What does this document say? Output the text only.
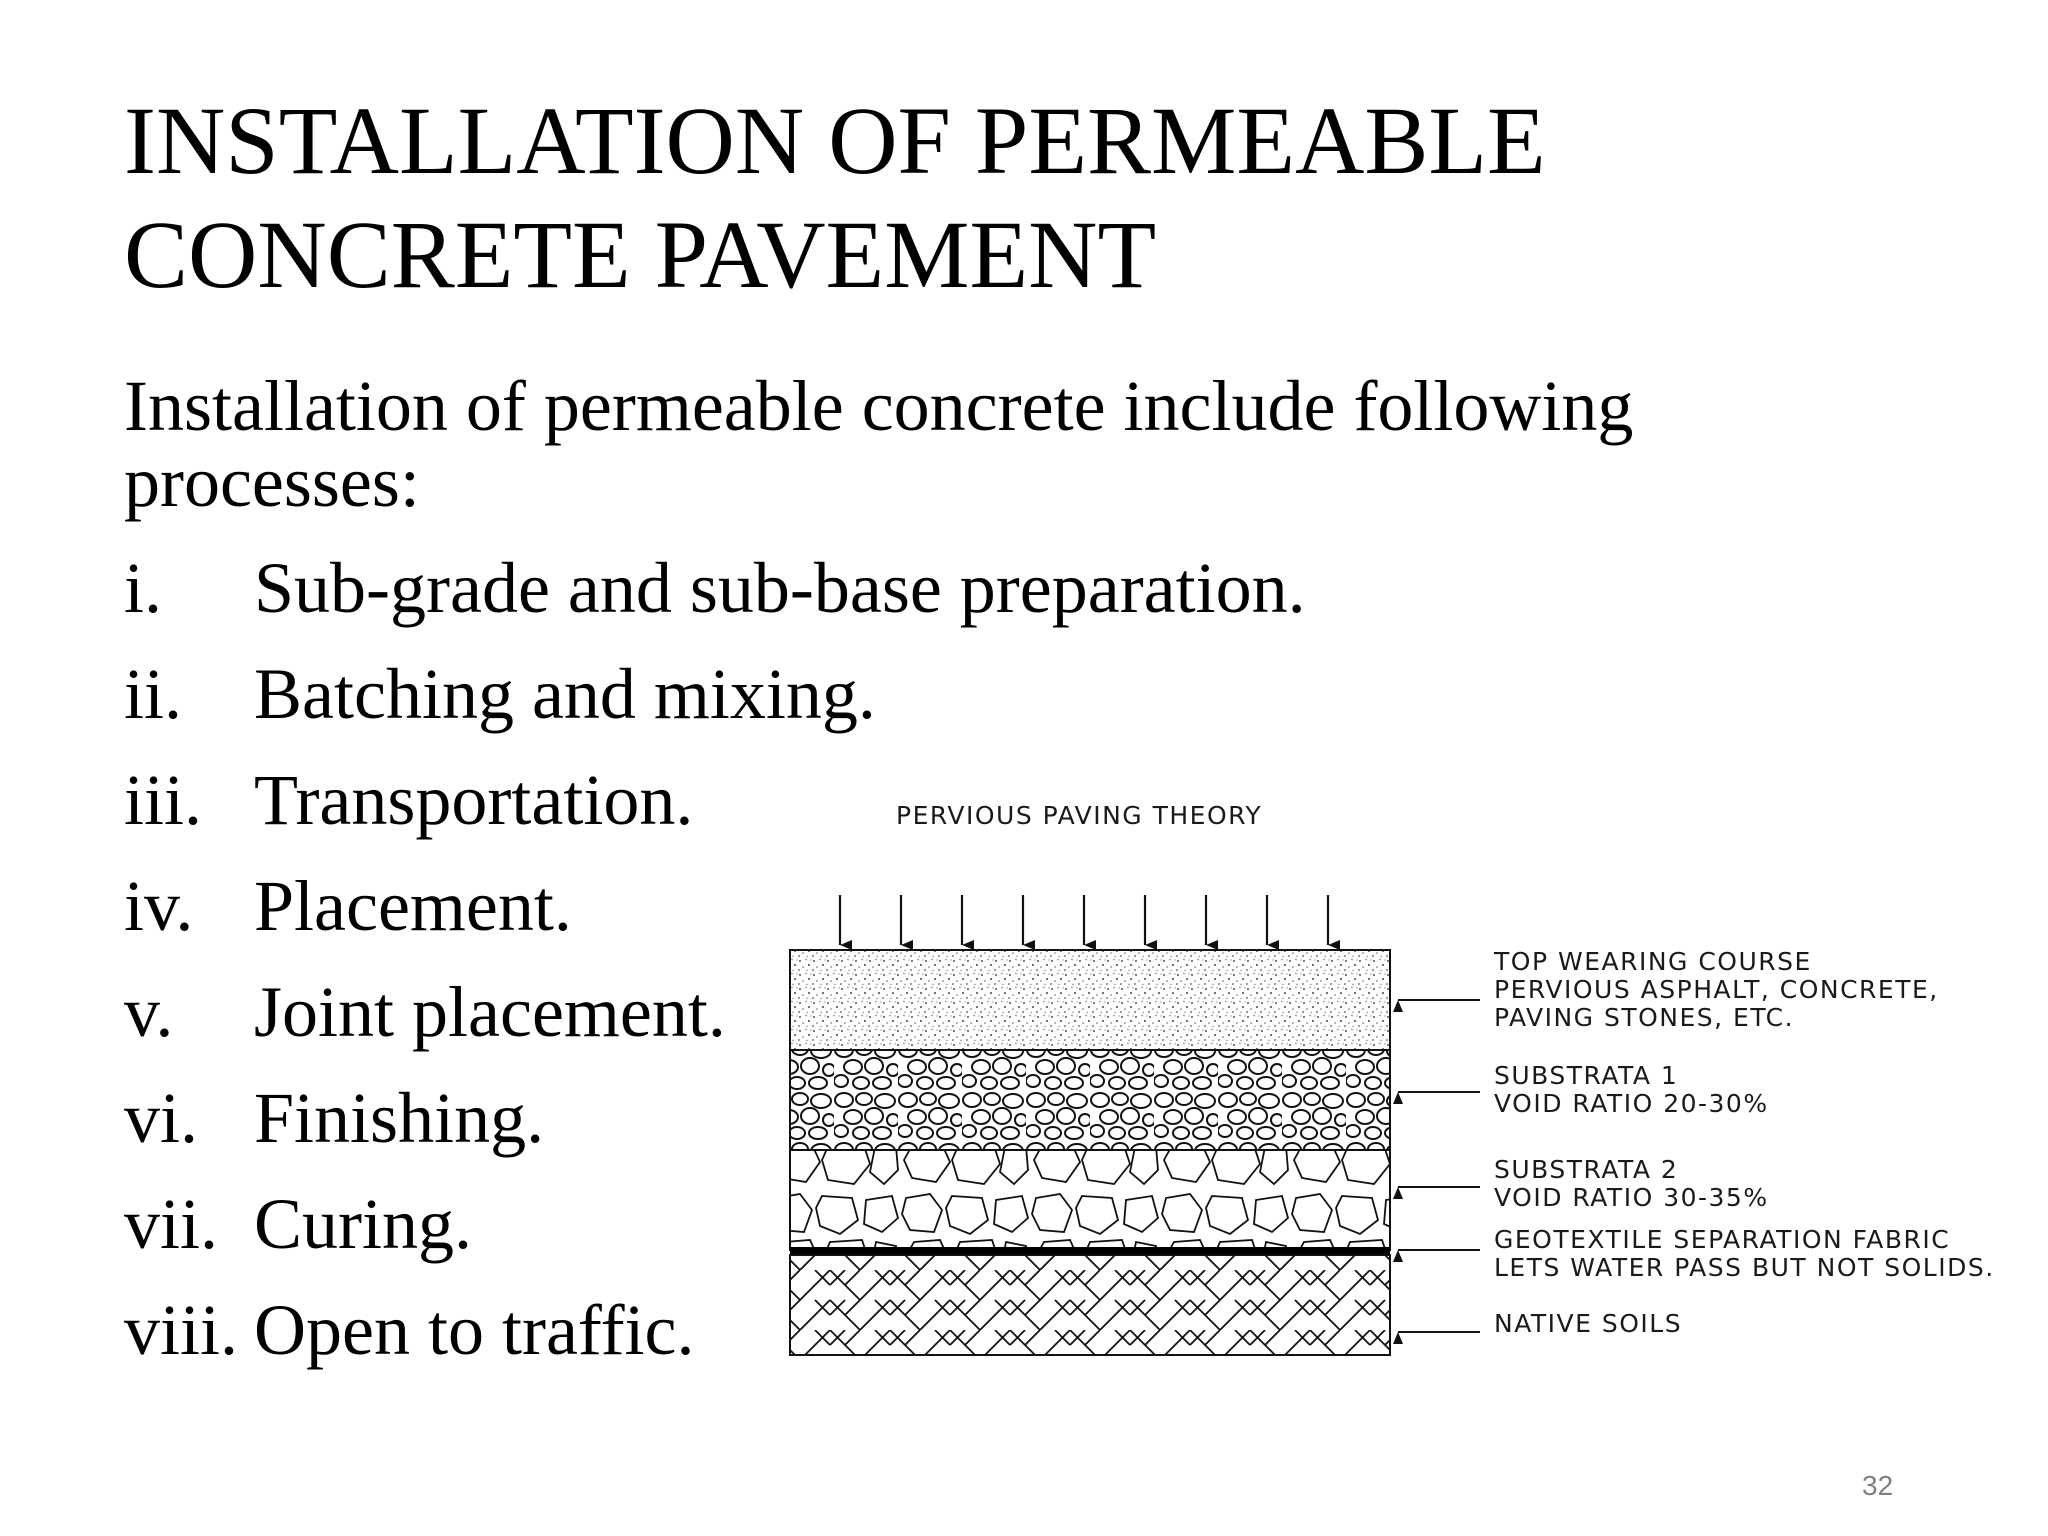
INSTALLATION OF PERMEABLE
CONCRETE PAVEMENT

Installation of permeable concrete include following
processes:

i. Sub-grade and sub-base preparation.
ii. Batching and mixing.
iii. Transportation.
iv. Placement.
v. Joint placement.
vi. Finishing.
vii. Curing.
viii. Open to traffic.
PERVIOUS PAVING THEORY
TOP WEARING COURSE
PERVIOUS ASPHALT, CONCRETE,
PAVING STONES, ETC.
SUBSTRATA 1
VOID RATIO 20-30%
SUBSTRATA 2
VOID RATIO 30-35%
GEOTEXTILE SEPARATION FABRIC
LETS WATER PASS BUT NOT SOLIDS.
NATIVE SOILS
32
